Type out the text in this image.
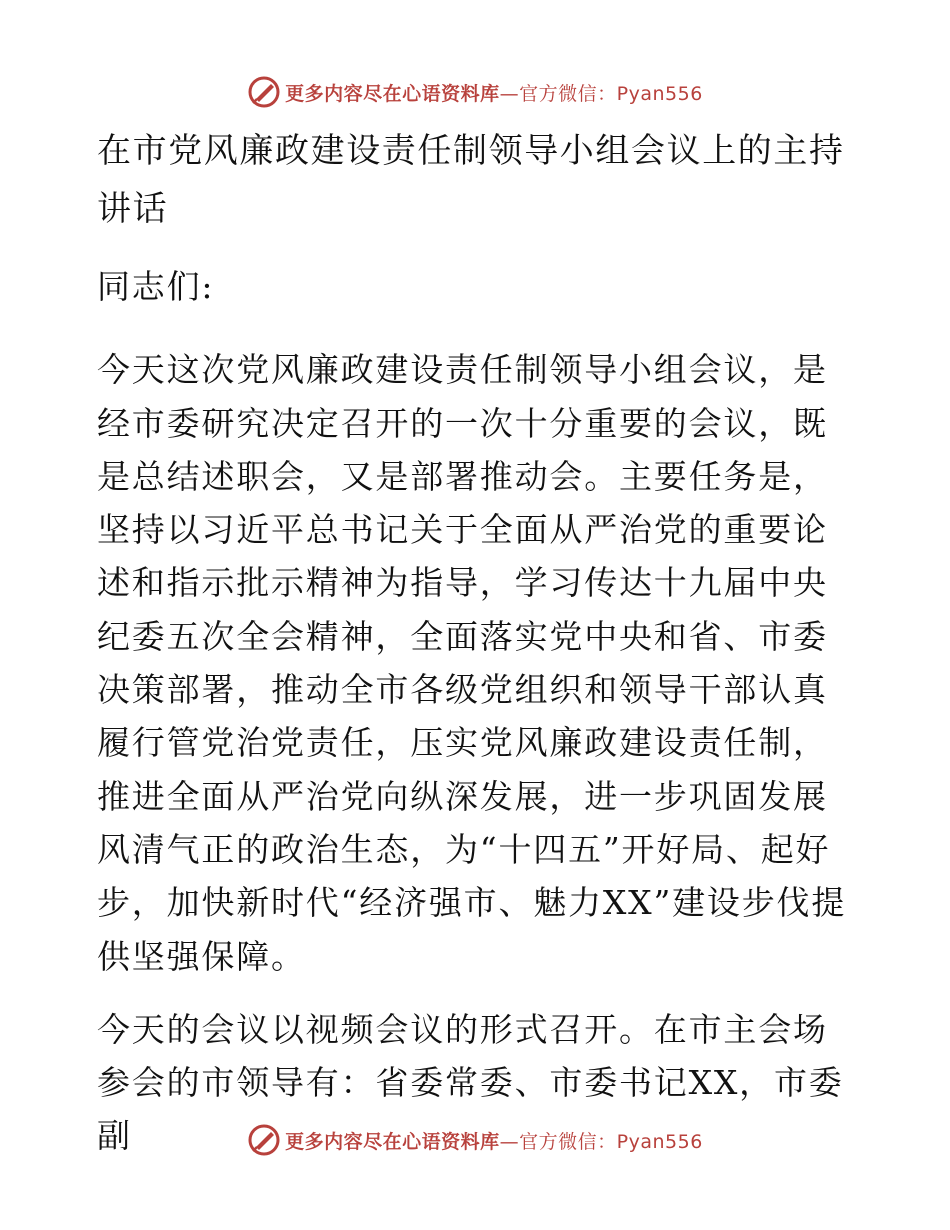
更多内容尽在心语资料库—官方微信：Pyan556
在市党风廉政建设责任制领导小组会议上的主持讲话

同志们:

今天这次党风廉政建设责任制领导小组会议，是经市委研究决定召开的一次十分重要的会议，既是总结述职会，又是部署推动会。主要任务是，坚持以习近平总书记关于全面从严治党的重要论述和指示批示精神为指导，学习传达十九届中央纪委五次全会精神，全面落实党中央和省、市委决策部署，推动全市各级党组织和领导干部认真履行管党治党责任，压实党风廉政建设责任制，推进全面从严治党向纵深发展，进一步巩固发展风清气正的政治生态，为“十四五”开好局、起好步，加快新时代“经济强市、魅力XX”建设步伐提供坚强保障。

今天的会议以视频会议的形式召开。在市主会场参会的市领导有：省委常委、市委书记XX，市委副	更多内容尽在心语资料库—官方微信：Pyan556
